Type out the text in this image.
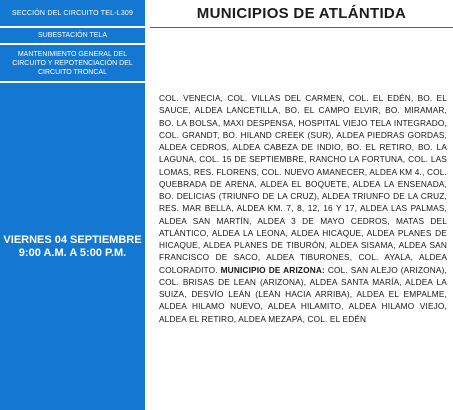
SECCIÓN DEL CIRCUITO TEL-L309
SUBESTACIÓN TELA
MANTENIMIENTO GENERAL DEL CIRCUITO Y REPOTENCIACIÓN DEL CIRCUITO TRONCAL
VIERNES 04 SEPTIEMBRE
9:00 A.M. A 5:00 P.M.
MUNICIPIOS DE ATLÁNTIDA
COL. VENECIA, COL. VILLAS DEL CARMEN, COL. EL EDÉN, BO. EL SAUCE, ALDEA LANCETILLA, BO. EL CAMPO ELVIR, BO. MIRAMAR, BO. LA BOLSA, MAXI DESPENSA, HOSPITAL VIEJO TELA INTEGRADO, COL. GRANDT, BO. HILAND CREEK (SUR), ALDEA PIEDRAS GORDAS, ALDEA CEDROS, ALDEA CABEZA DE INDIO, BO. EL RETIRO, BO. LA LAGUNA, COL. 15 DE SEPTIEMBRE, RANCHO LA FORTUNA, COL. LAS LOMAS, RES. FLORENS, COL. NUEVO AMANECER, ALDEA KM 4., COL. QUEBRADA DE ARENA, ALDEA EL BOQUETE, ALDEA LA ENSENADA, BO. DELICIAS (TRIUNFO DE LA CRUZ), ALDEA TRIUNFO DE LA CRUZ, RES. MAR BELLA, ALDEA KM. 7, 8, 12, 16 Y 17, ALDEA LAS PALMAS, ALDEA SAN MARTÍN, ALDEA 3 DE MAYO CEDROS, MATAS DEL ATLÁNTICO, ALDEA LA LEONA, ALDEA HICAQUE, ALDEA PLANES DE HICAQUE, ALDEA PLANES DE TIBURÓN, ALDEA SISAMA, ALDEA SAN FRANCISCO DE SACO, ALDEA TIBURONES, COL. AYALA, ALDEA COLORADITO. MUNICIPIO DE ARIZONA: COL. SAN ALEJO (ARIZONA), COL. BRISAS DE LEAN (ARIZONA), ALDEA SANTA MARÍA, ALDEA LA SUIZA, DESVÍO LEÁN (LEÁN HACIA ARRIBA), ALDEA EL EMPALME, ALDEA HILAMO NUEVO, ALDEA HILAMITO, ALDEA HILAMO VIEJO, ALDEA EL RETIRO, ALDEA MEZAPA, COL. EL EDÉN
